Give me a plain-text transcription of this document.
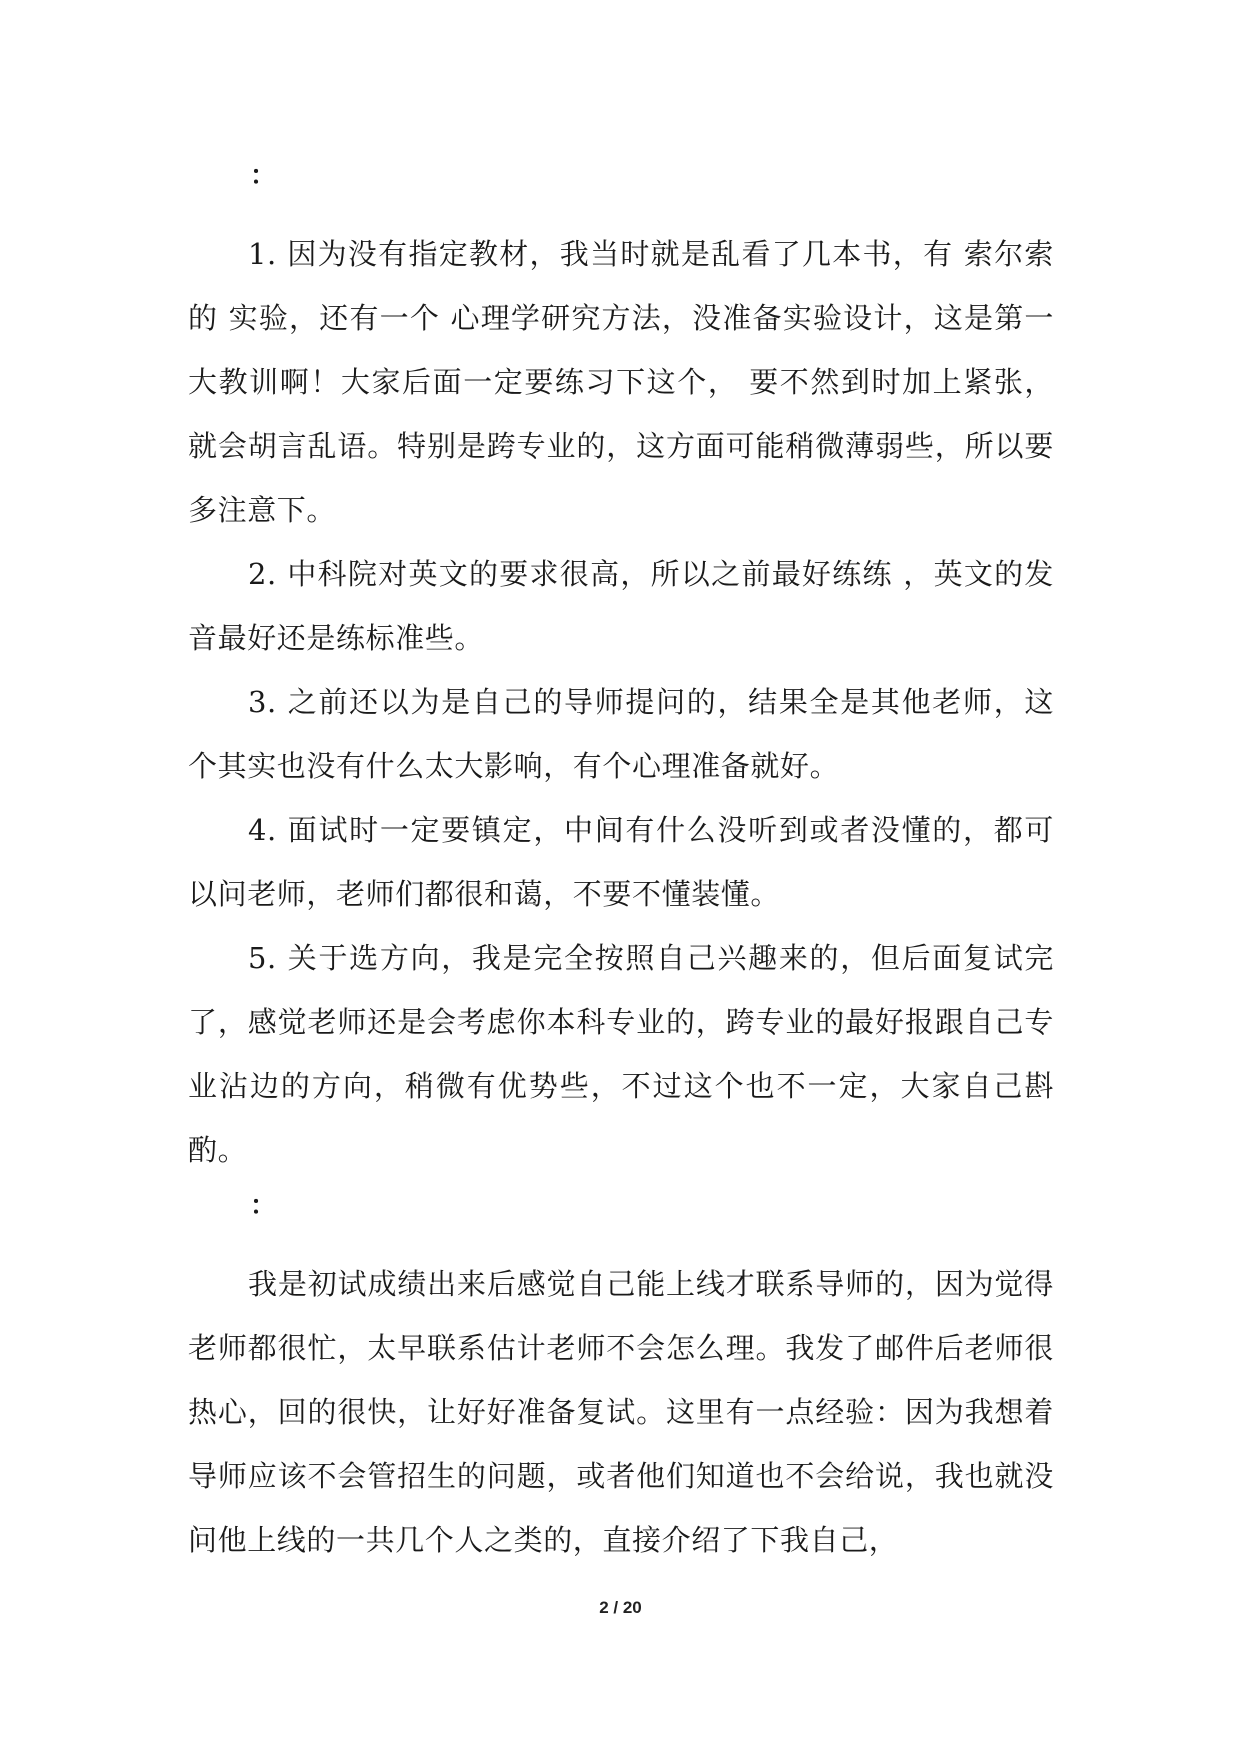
：

1. 因为没有指定教材，我当时就是乱看了几本书，有 索尔索的 实验，还有一个 心理学研究方法，没准备实验设计，这是第一大教训啊！大家后面一定要练习下这个， 要不然到时加上紧张，就会胡言乱语。特别是跨专业的，这方面可能稍微薄弱些，所以要多注意下。

2. 中科院对英文的要求很高，所以之前最好练练 ，英文的发音最好还是练标准些。

3. 之前还以为是自己的导师提问的，结果全是其他老师，这个其实也没有什么太大影响，有个心理准备就好。

4. 面试时一定要镇定，中间有什么没听到或者没懂的，都可以问老师，老师们都很和蔼，不要不懂装懂。

5. 关于选方向，我是完全按照自己兴趣来的，但后面复试完了，感觉老师还是会考虑你本科专业的，跨专业的最好报跟自己专业沾边的方向，稍微有优势些，不过这个也不一定，大家自己斟酌。

：

我是初试成绩出来后感觉自己能上线才联系导师的，因为觉得老师都很忙，太早联系估计老师不会怎么理。我发了邮件后老师很热心，回的很快，让好好准备复试。这里有一点经验：因为我想着导师应该不会管招生的问题，或者他们知道也不会给说，我也就没问他上线的一共几个人之类的，直接介绍了下我自己，

2 / 20
